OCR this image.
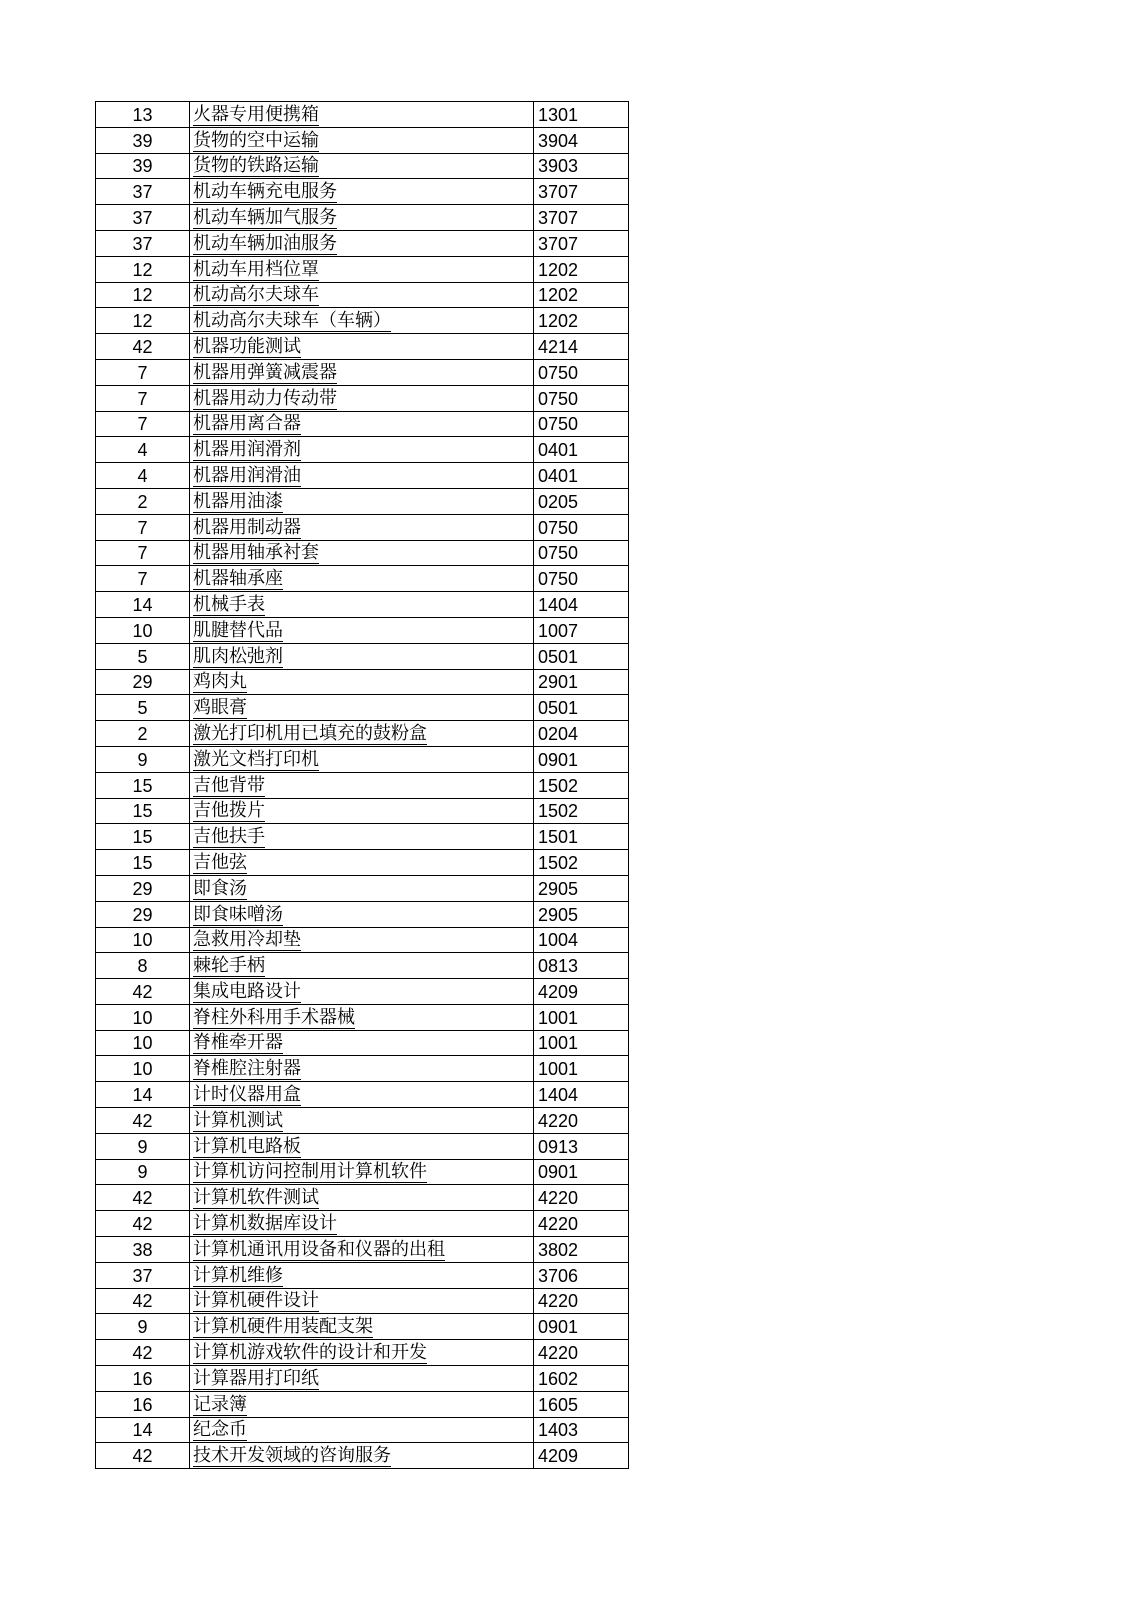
13	火器专用便携箱	1301
39	货物的空中运输	3904
39	货物的铁路运输	3903
37	机动车辆充电服务	3707
37	机动车辆加气服务	3707
37	机动车辆加油服务	3707
12	机动车用档位罩	1202
12	机动高尔夫球车	1202
12	机动高尔夫球车（车辆）	1202
42	机器功能测试	4214
7	机器用弹簧减震器	0750
7	机器用动力传动带	0750
7	机器用离合器	0750
4	机器用润滑剂	0401
4	机器用润滑油	0401
2	机器用油漆	0205
7	机器用制动器	0750
7	机器用轴承衬套	0750
7	机器轴承座	0750
14	机械手表	1404
10	肌腱替代品	1007
5	肌肉松弛剂	0501
29	鸡肉丸	2901
5	鸡眼膏	0501
2	激光打印机用已填充的鼓粉盒	0204
9	激光文档打印机	0901
15	吉他背带	1502
15	吉他拨片	1502
15	吉他扶手	1501
15	吉他弦	1502
29	即食汤	2905
29	即食味噌汤	2905
10	急救用冷却垫	1004
8	棘轮手柄	0813
42	集成电路设计	4209
10	脊柱外科用手术器械	1001
10	脊椎牵开器	1001
10	脊椎腔注射器	1001
14	计时仪器用盒	1404
42	计算机测试	4220
9	计算机电路板	0913
9	计算机访问控制用计算机软件	0901
42	计算机软件测试	4220
42	计算机数据库设计	4220
38	计算机通讯用设备和仪器的出租	3802
37	计算机维修	3706
42	计算机硬件设计	4220
9	计算机硬件用装配支架	0901
42	计算机游戏软件的设计和开发	4220
16	计算器用打印纸	1602
16	记录簿	1605
14	纪念币	1403
42	技术开发领域的咨询服务	4209
